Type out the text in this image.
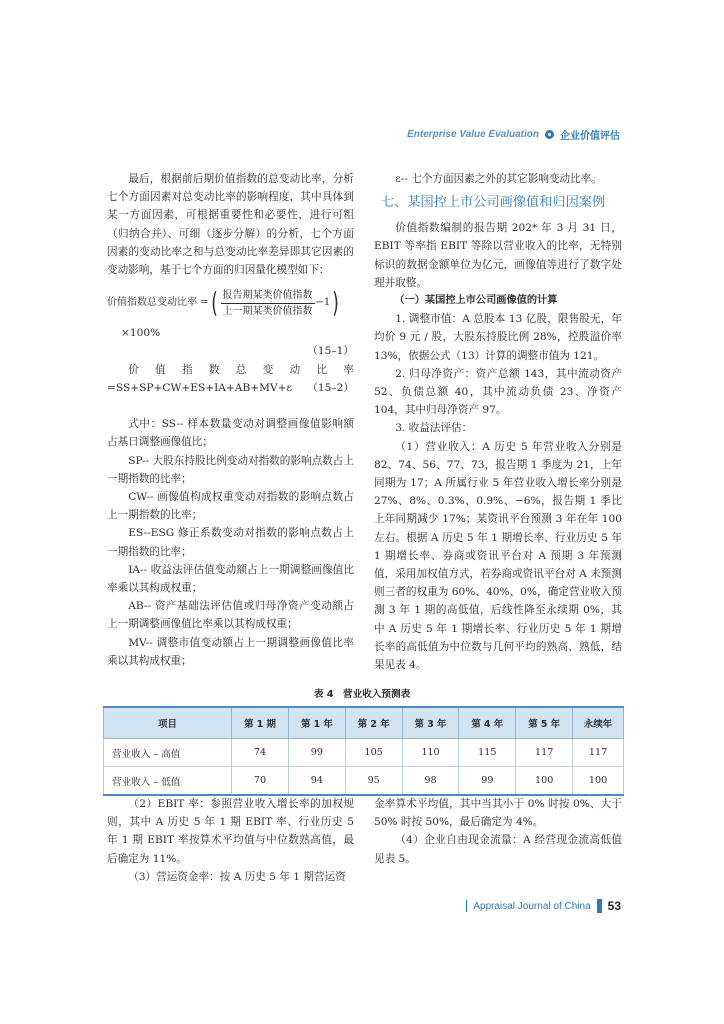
Enterprise Value Evaluation 企业价值评估

最后，根据前后期价值指数的总变动比率，分析七个方面因素对总变动比率的影响程度，其中具体到某一方面因素，可根据重要性和必要性，进行可粗（归纳合并）、可细（逐步分解）的分析，七个方面因素的变动比率之和与总变动比率差异即其它因素的变动影响，基于七个方面的归因量化模型如下：

价值指数总变动比率 = ( $\frac{\text{报告期某类价值指数}}{\text{上一期某类价值指数}} -1$ )

×100%

（15–1）

价值指数总变动比率 =SS+SP+CW+ES+IA+AB+MV+ε	（15–2）

式中：SS-- 样本数量变动对调整画像值影响额占基日调整画像值比；

SP-- 大股东持股比例变动对指数的影响点数占上一期指数的比率；

CW-- 画像值构成权重变动对指数的影响点数占上一期指数的比率；

ES--ESG 修正系数变动对指数的影响点数占上一期指数的比率；

IA-- 收益法评估值变动额占上一期调整画像值比率乘以其构成权重；

AB-- 资产基础法评估值或归母净资产变动额占上一期调整画像值比率乘以其构成权重；

MV-- 调整市值变动额占上一期调整画像值比率乘以其构成权重；

ε-- 七个方面因素之外的其它影响变动比率。

七、某国控上市公司画像值和归因案例

价值指数编制的报告期 202* 年 3 月 31 日，EBIT 等率指 EBIT 等除以营业收入的比率，无特别标识的数据金额单位为亿元，画像值等进行了数字处理并取整。

（一）某国控上市公司画像值的计算

1. 调整市值：A 总股本 13 亿股，限售股无，年均价 9 元 / 股，大股东持股比例 28%，控股溢价率 13%，依据公式（13）计算的调整市值为 121。

2. 归母净资产：资产总额 143，其中流动资产 52、负债总额 40，其中流动负债 23、净资产 104，其中归母净资产 97。

3. 收益法评估：

（1）营业收入：A 历史 5 年营业收入分别是 82、74、56、77、73，报告期 1 季度为 21，上年同期为 17；A 所属行业 5 年营业收入增长率分别是 27%、8%、0.3%、0.9%、−6%，报告期 1 季比上年同期减少 17%；某资讯平台预测 3 年在年 100 左右。根据 A 历史 5 年 1 期增长率、行业历史 5 年 1 期增长率、券商或资讯平台对 A 预期 3 年预测值，采用加权值方式，若券商或资讯平台对 A 未预测则三者的权重为 60%、40%、0%，确定营业收入预测 3 年 1 期的高低值，后线性降至永续期 0%，其中 A 历史 5 年 1 期增长率、行业历史 5 年 1 期增长率的高低值为中位数与几何平均的熟高、熟低，结果见表 4。

表 4　营业收入预测表
项目	第 1 期	第 1 年	第 2 年	第 3 年	第 4 年	第 5 年	永续年
营业收入 – 高值	74	99	105	110	115	117	117
营业收入 – 低值	70	94	95	98	99	100	100

（2）EBIT 率：参照营业收入增长率的加权规则，其中 A 历史 5 年 1 期 EBIT 率、行业历史 5 年 1 期 EBIT 率按算术平均值与中位数熟高值，最后确定为 11%。

（3）营运资金率：按 A 历史 5 年 1 期营运资

金率算术平均值，其中当其小于 0% 时按 0%、大于 50% 时按 50%，最后确定为 4%。

（4）企业自由现金流量：A 经营现金流高低值见表 5。

Appraisal Journal of China 53
